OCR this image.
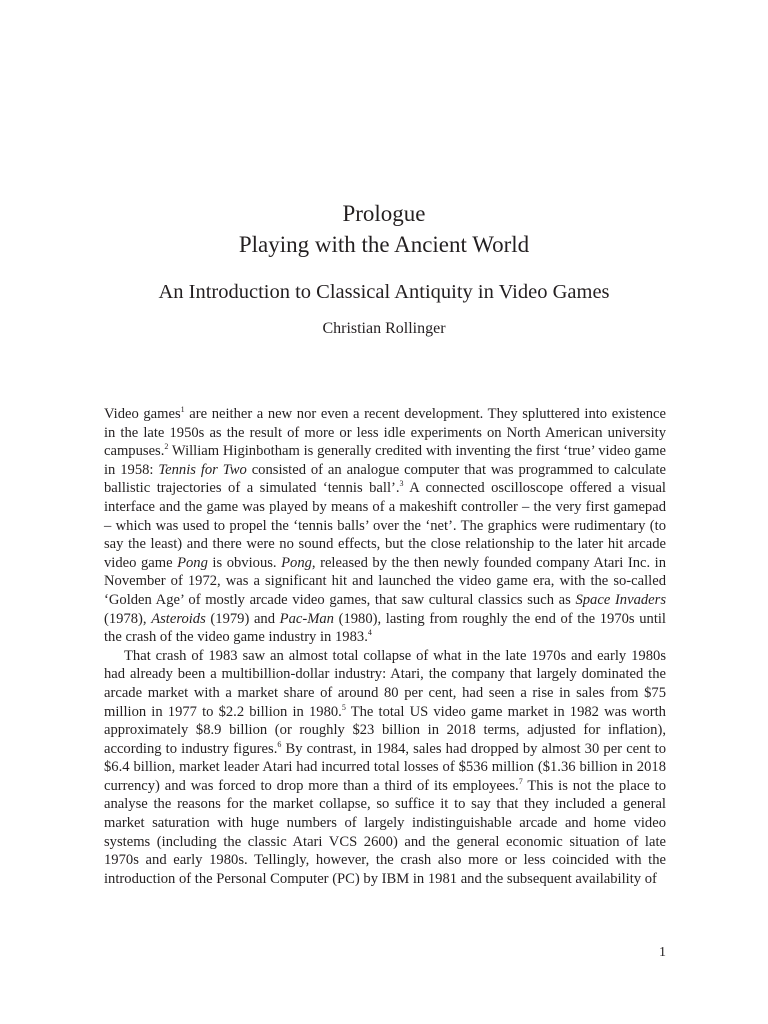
Prologue
Playing with the Ancient World
An Introduction to Classical Antiquity in Video Games
Christian Rollinger

Video games$^1$ are neither a new nor even a recent development. They spluttered into existence in the late 1950s as the result of more or less idle experiments on North American university campuses.$^2$ William Higinbotham is generally credited with inventing the first ‘true’ video game in 1958: Tennis for Two consisted of an analogue computer that was programmed to calculate ballistic trajectories of a simulated ‘tennis ball’.$^3$ A connected oscilloscope offered a visual interface and the game was played by means of a makeshift controller – the very first gamepad – which was used to propel the ‘tennis balls’ over the ‘net’. The graphics were rudimentary (to say the least) and there were no sound effects, but the close relationship to the later hit arcade video game Pong is obvious. Pong, released by the then newly founded company Atari Inc. in November of 1972, was a significant hit and launched the video game era, with the so-called ‘Golden Age’ of mostly arcade video games, that saw cultural classics such as Space Invaders (1978), Asteroids (1979) and Pac-Man (1980), lasting from roughly the end of the 1970s until the crash of the video game industry in 1983.$^4$

That crash of 1983 saw an almost total collapse of what in the late 1970s and early 1980s had already been a multibillion-dollar industry: Atari, the company that largely dominated the arcade market with a market share of around 80 per cent, had seen a rise in sales from $75 million in 1977 to $2.2 billion in 1980.$^5$ The total US video game market in 1982 was worth approximately $8.9 billion (or roughly $23 billion in 2018 terms, adjusted for inflation), according to industry figures.$^6$ By contrast, in 1984, sales had dropped by almost 30 per cent to $6.4 billion, market leader Atari had incurred total losses of $536 million ($1.36 billion in 2018 currency) and was forced to drop more than a third of its employees.$^7$ This is not the place to analyse the reasons for the market collapse, so suffice it to say that they included a general market saturation with huge numbers of largely indistinguishable arcade and home video systems (including the classic Atari VCS 2600) and the general economic situation of late 1970s and early 1980s. Tellingly, however, the crash also more or less coincided with the introduction of the Personal Computer (PC) by IBM in 1981 and the subsequent availability of

1
